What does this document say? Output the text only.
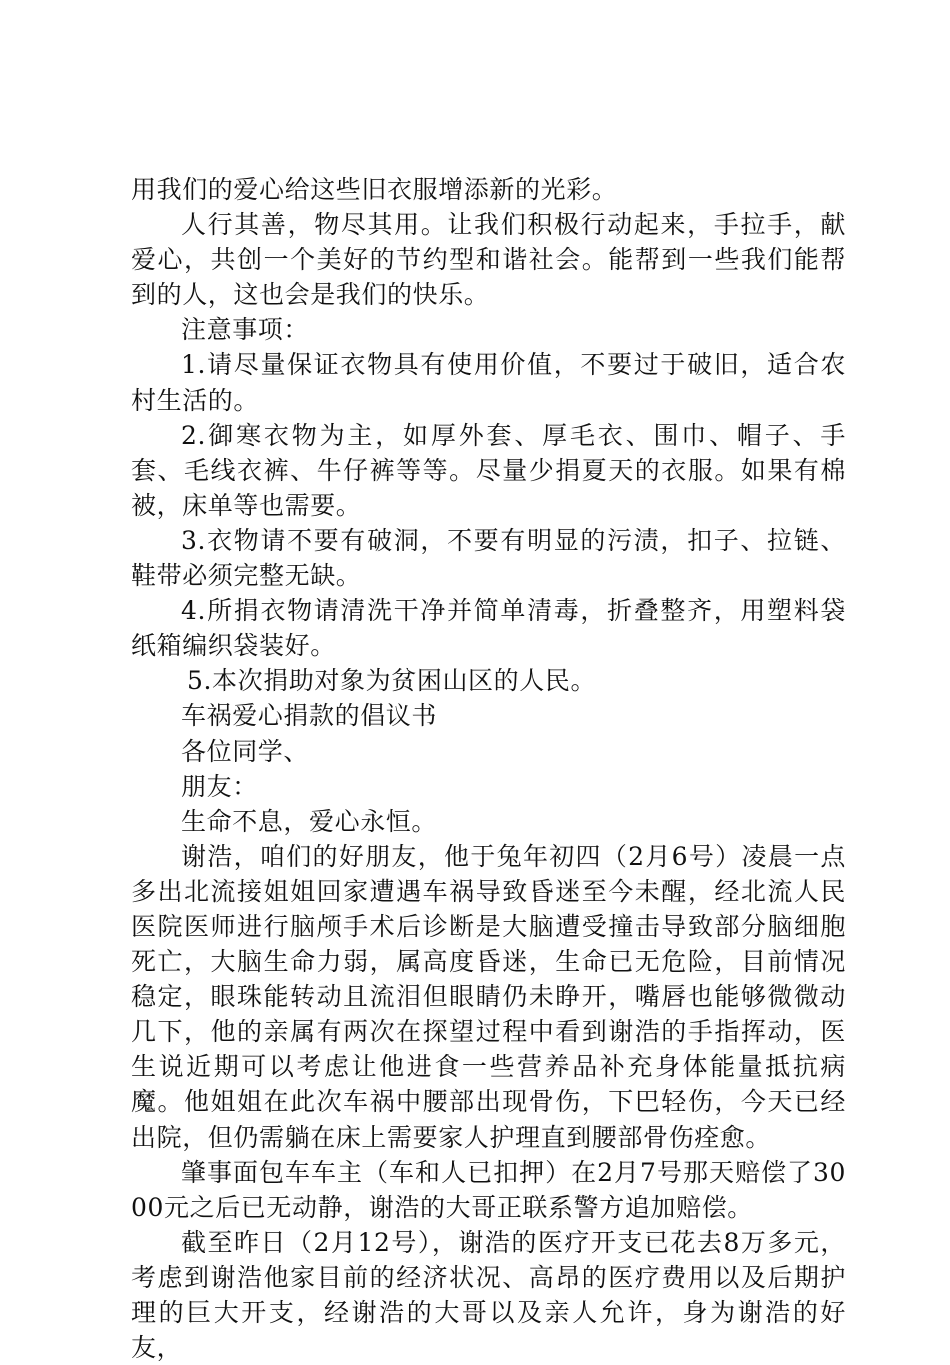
用我们的爱心给这些旧衣服增添新的光彩。

人行其善，物尽其用。让我们积极行动起来，手拉手，献爱心，共创一个美好的节约型和谐社会。能帮到一些我们能帮到的人，这也会是我们的快乐。

注意事项：

1.请尽量保证衣物具有使用价值，不要过于破旧，适合农村生活的。

2.御寒衣物为主，如厚外套、厚毛衣、围巾、帽子、手套、毛线衣裤、牛仔裤等等。尽量少捐夏天的衣服。如果有棉被，床单等也需要。

3.衣物请不要有破洞，不要有明显的污渍，扣子、拉链、鞋带必须完整无缺。

4.所捐衣物请清洗干净并简单清毒，折叠整齐，用塑料袋纸箱编织袋装好。

5.本次捐助对象为贫困山区的人民。

车祸爱心捐款的倡议书

各位同学、

朋友：

生命不息，爱心永恒。

谢浩，咱们的好朋友，他于兔年初四（2月6号）凌晨一点多出北流接姐姐回家遭遇车祸导致昏迷至今未醒，经北流人民医院医师进行脑颅手术后诊断是大脑遭受撞击导致部分脑细胞死亡，大脑生命力弱，属高度昏迷，生命已无危险，目前情况稳定，眼珠能转动且流泪但眼睛仍未睁开，嘴唇也能够微微动几下，他的亲属有两次在探望过程中看到谢浩的手指挥动，医生说近期可以考虑让他进食一些营养品补充身体能量抵抗病魔。他姐姐在此次车祸中腰部出现骨伤，下巴轻伤，今天已经出院，但仍需躺在床上需要家人护理直到腰部骨伤痊愈。

肇事面包车车主（车和人已扣押）在2月7号那天赔偿了3000元之后已无动静，谢浩的大哥正联系警方追加赔偿。

截至昨日（2月12号），谢浩的医疗开支已花去8万多元，考虑到谢浩他家目前的经济状况、高昂的医疗费用以及后期护理的巨大开支，经谢浩的大哥以及亲人允许，身为谢浩的好友，
